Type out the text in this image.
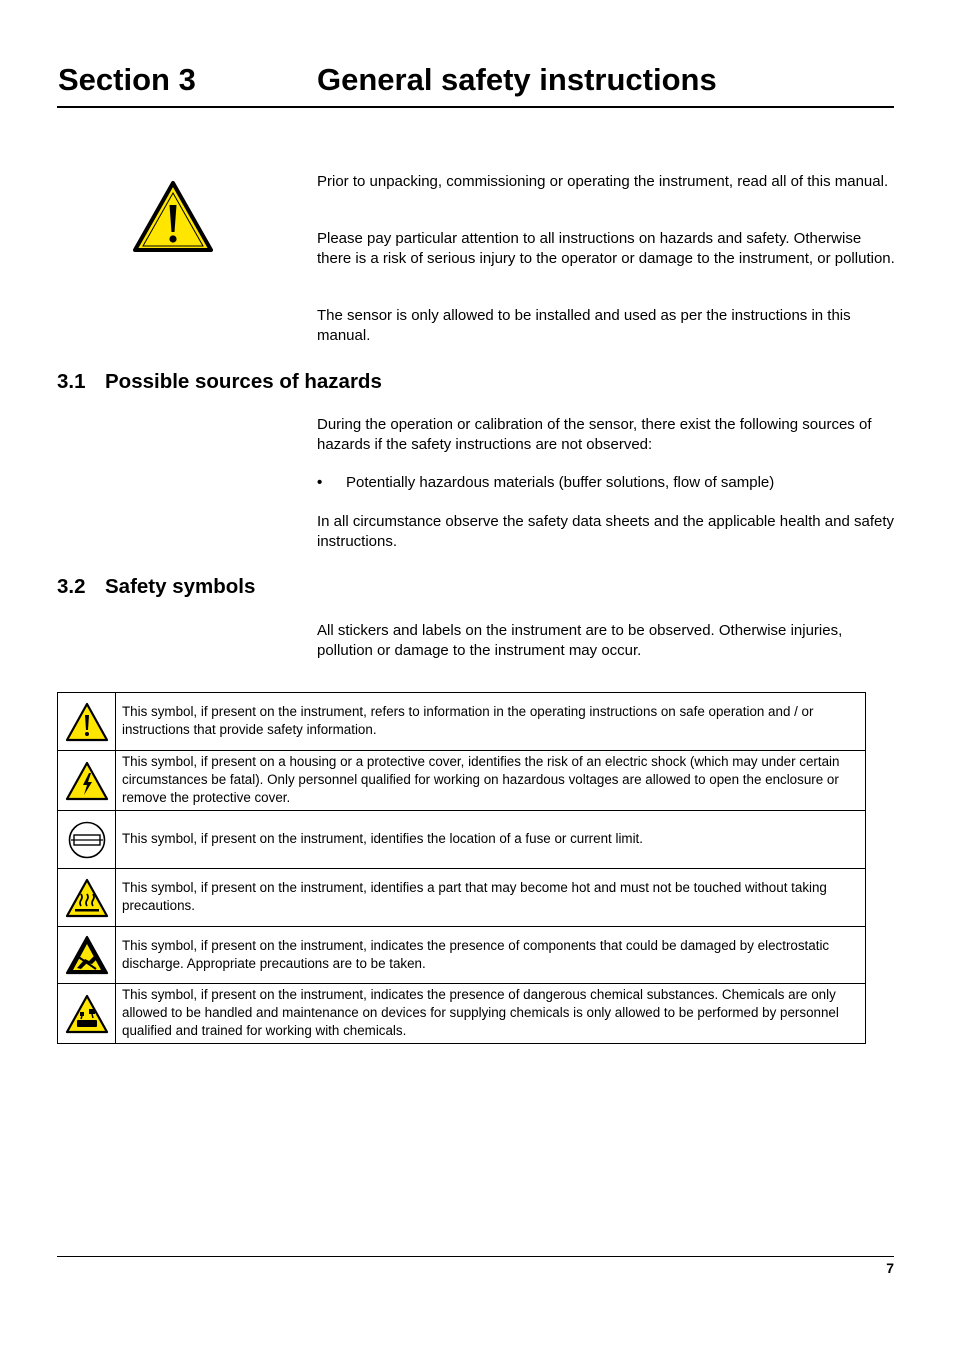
Section 3	General safety instructions
Prior to unpacking, commissioning or operating the instrument, read all of this manual.
Please pay particular attention to all instructions on hazards and safety. Otherwise there is a risk of serious injury to the operator or damage to the instrument, or pollution.
The sensor is only allowed to be installed and used as per the instructions in this manual.
3.1 Possible sources of hazards
During the operation or calibration of the sensor, there exist the following sources of hazards if the safety instructions are not observed:
• Potentially hazardous materials (buffer solutions, flow of sample)
In all circumstance observe the safety data sheets and the applicable health and safety instructions.
3.2 Safety symbols
All stickers and labels on the instrument are to be observed. Otherwise injuries, pollution or damage to the instrument may occur.
	This symbol, if present on the instrument, refers to information in the operating instructions on safe operation and / or instructions that provide safety information.

	This symbol, if present on a housing or a protective cover, identifies the risk of an electric shock (which may under certain circumstances be fatal). Only personnel qualified for working on hazardous voltages are allowed to open the enclosure or remove the protective cover.

	This symbol, if present on the instrument, identifies the location of a fuse or current limit.

	This symbol, if present on the instrument, identifies a part that may become hot and must not be touched without taking precautions.

	This symbol, if present on the instrument, indicates the presence of components that could be damaged by electrostatic discharge. Appropriate precautions are to be taken.

	This symbol, if present on the instrument, indicates the presence of dangerous chemical substances. Chemicals are only allowed to be handled and maintenance on devices for supplying chemicals is only allowed to be performed by personnel qualified and trained for working with chemicals.
7
